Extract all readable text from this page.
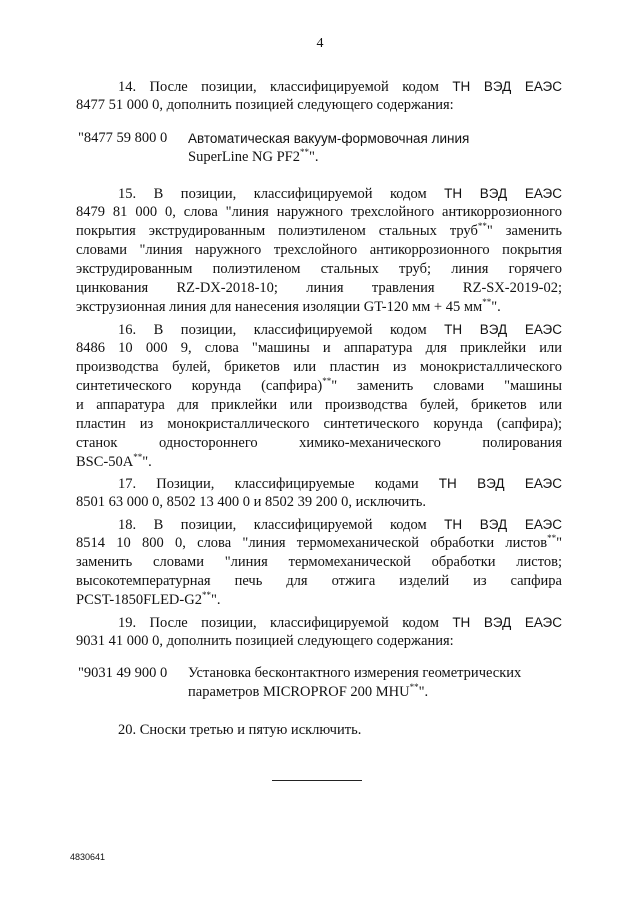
4
14. После позиции, классифицируемой кодом ТН ВЭД ЕАЭС
8477 51 000 0, дополнить позицией следующего содержания:
"8477 59 800 0 Автоматическая вакуум-формовочная линия
SuperLine NG PF2**".
15. В позиции, классифицируемой кодом ТН ВЭД ЕАЭС
8479 81 000 0, слова "линия наружного трехслойного антикоррозионного
покрытия экструдированным полиэтиленом стальных труб**" заменить
словами "линия наружного трехслойного антикоррозионного покрытия
экструдированным полиэтиленом стальных труб; линия горячего
цинкования RZ-DX-2018-10; линия травления RZ-SX-2019-02;
экструзионная линия для нанесения изоляции GT-120 мм + 45 мм**".
16. В позиции, классифицируемой кодом ТН ВЭД ЕАЭС
8486 10 000 9, слова "машины и аппаратура для приклейки или
производства булей, брикетов или пластин из монокристаллического
синтетического корунда (сапфира)**" заменить словами "машины
и аппаратура для приклейки или производства булей, брикетов или
пластин из монокристаллического синтетического корунда (сапфира);
станок одностороннего химико-механического полирования
BSC-50A**".
17. Позиции, классифицируемые кодами ТН ВЭД ЕАЭС
8501 63 000 0, 8502 13 400 0 и 8502 39 200 0, исключить.
18. В позиции, классифицируемой кодом ТН ВЭД ЕАЭС
8514 10 800 0, слова "линия термомеханической обработки листов**"
заменить словами "линия термомеханической обработки листов;
высокотемпературная печь для отжига изделий из сапфира
PCST-1850FLED-G2**".
19. После позиции, классифицируемой кодом ТН ВЭД ЕАЭС
9031 41 000 0, дополнить позицией следующего содержания:
"9031 49 900 0 Установка бесконтактного измерения геометрических
параметров MICROPROF 200 MHU**".
20. Сноски третью и пятую исключить.
4830641
